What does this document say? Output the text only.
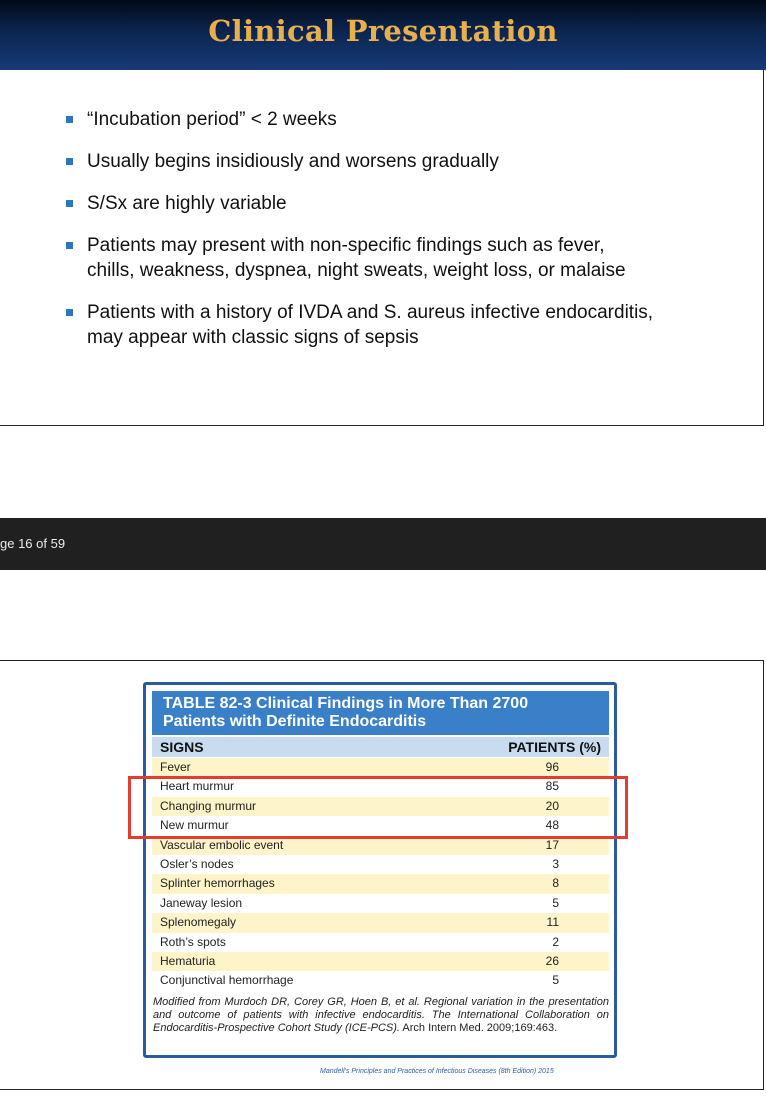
Clinical Presentation
“Incubation period” < 2 weeks
Usually begins insidiously and worsens gradually
S/Sx are highly variable
Patients may present with non-specific findings such as fever,
chills, weakness, dyspnea, night sweats, weight loss, or malaise
Patients with a history of IVDA and S. aureus infective endocarditis,
may appear with classic signs of sepsis
ge 16 of 59
TABLE 82-3 Clinical Findings in More Than 2700
Patients with Definite Endocarditis
SIGNS	PATIENTS (%)
Fever	96
Heart murmur	85
Changing murmur	20
New murmur	48
Vascular embolic event	17
Osler’s nodes	3
Splinter hemorrhages	8
Janeway lesion	5
Splenomegaly	11
Roth’s spots	2
Hematuria	26
Conjunctival hemorrhage	5
Modified from Murdoch DR, Corey GR, Hoen B, et al. Regional variation in the presentation and outcome of patients with infective endocarditis. The International Collaboration on Endocarditis-Prospective Cohort Study (ICE-PCS). Arch Intern Med. 2009;169:463.
Mandell’s Principles and Practices of Infectious Diseases (8th Edition) 2015
